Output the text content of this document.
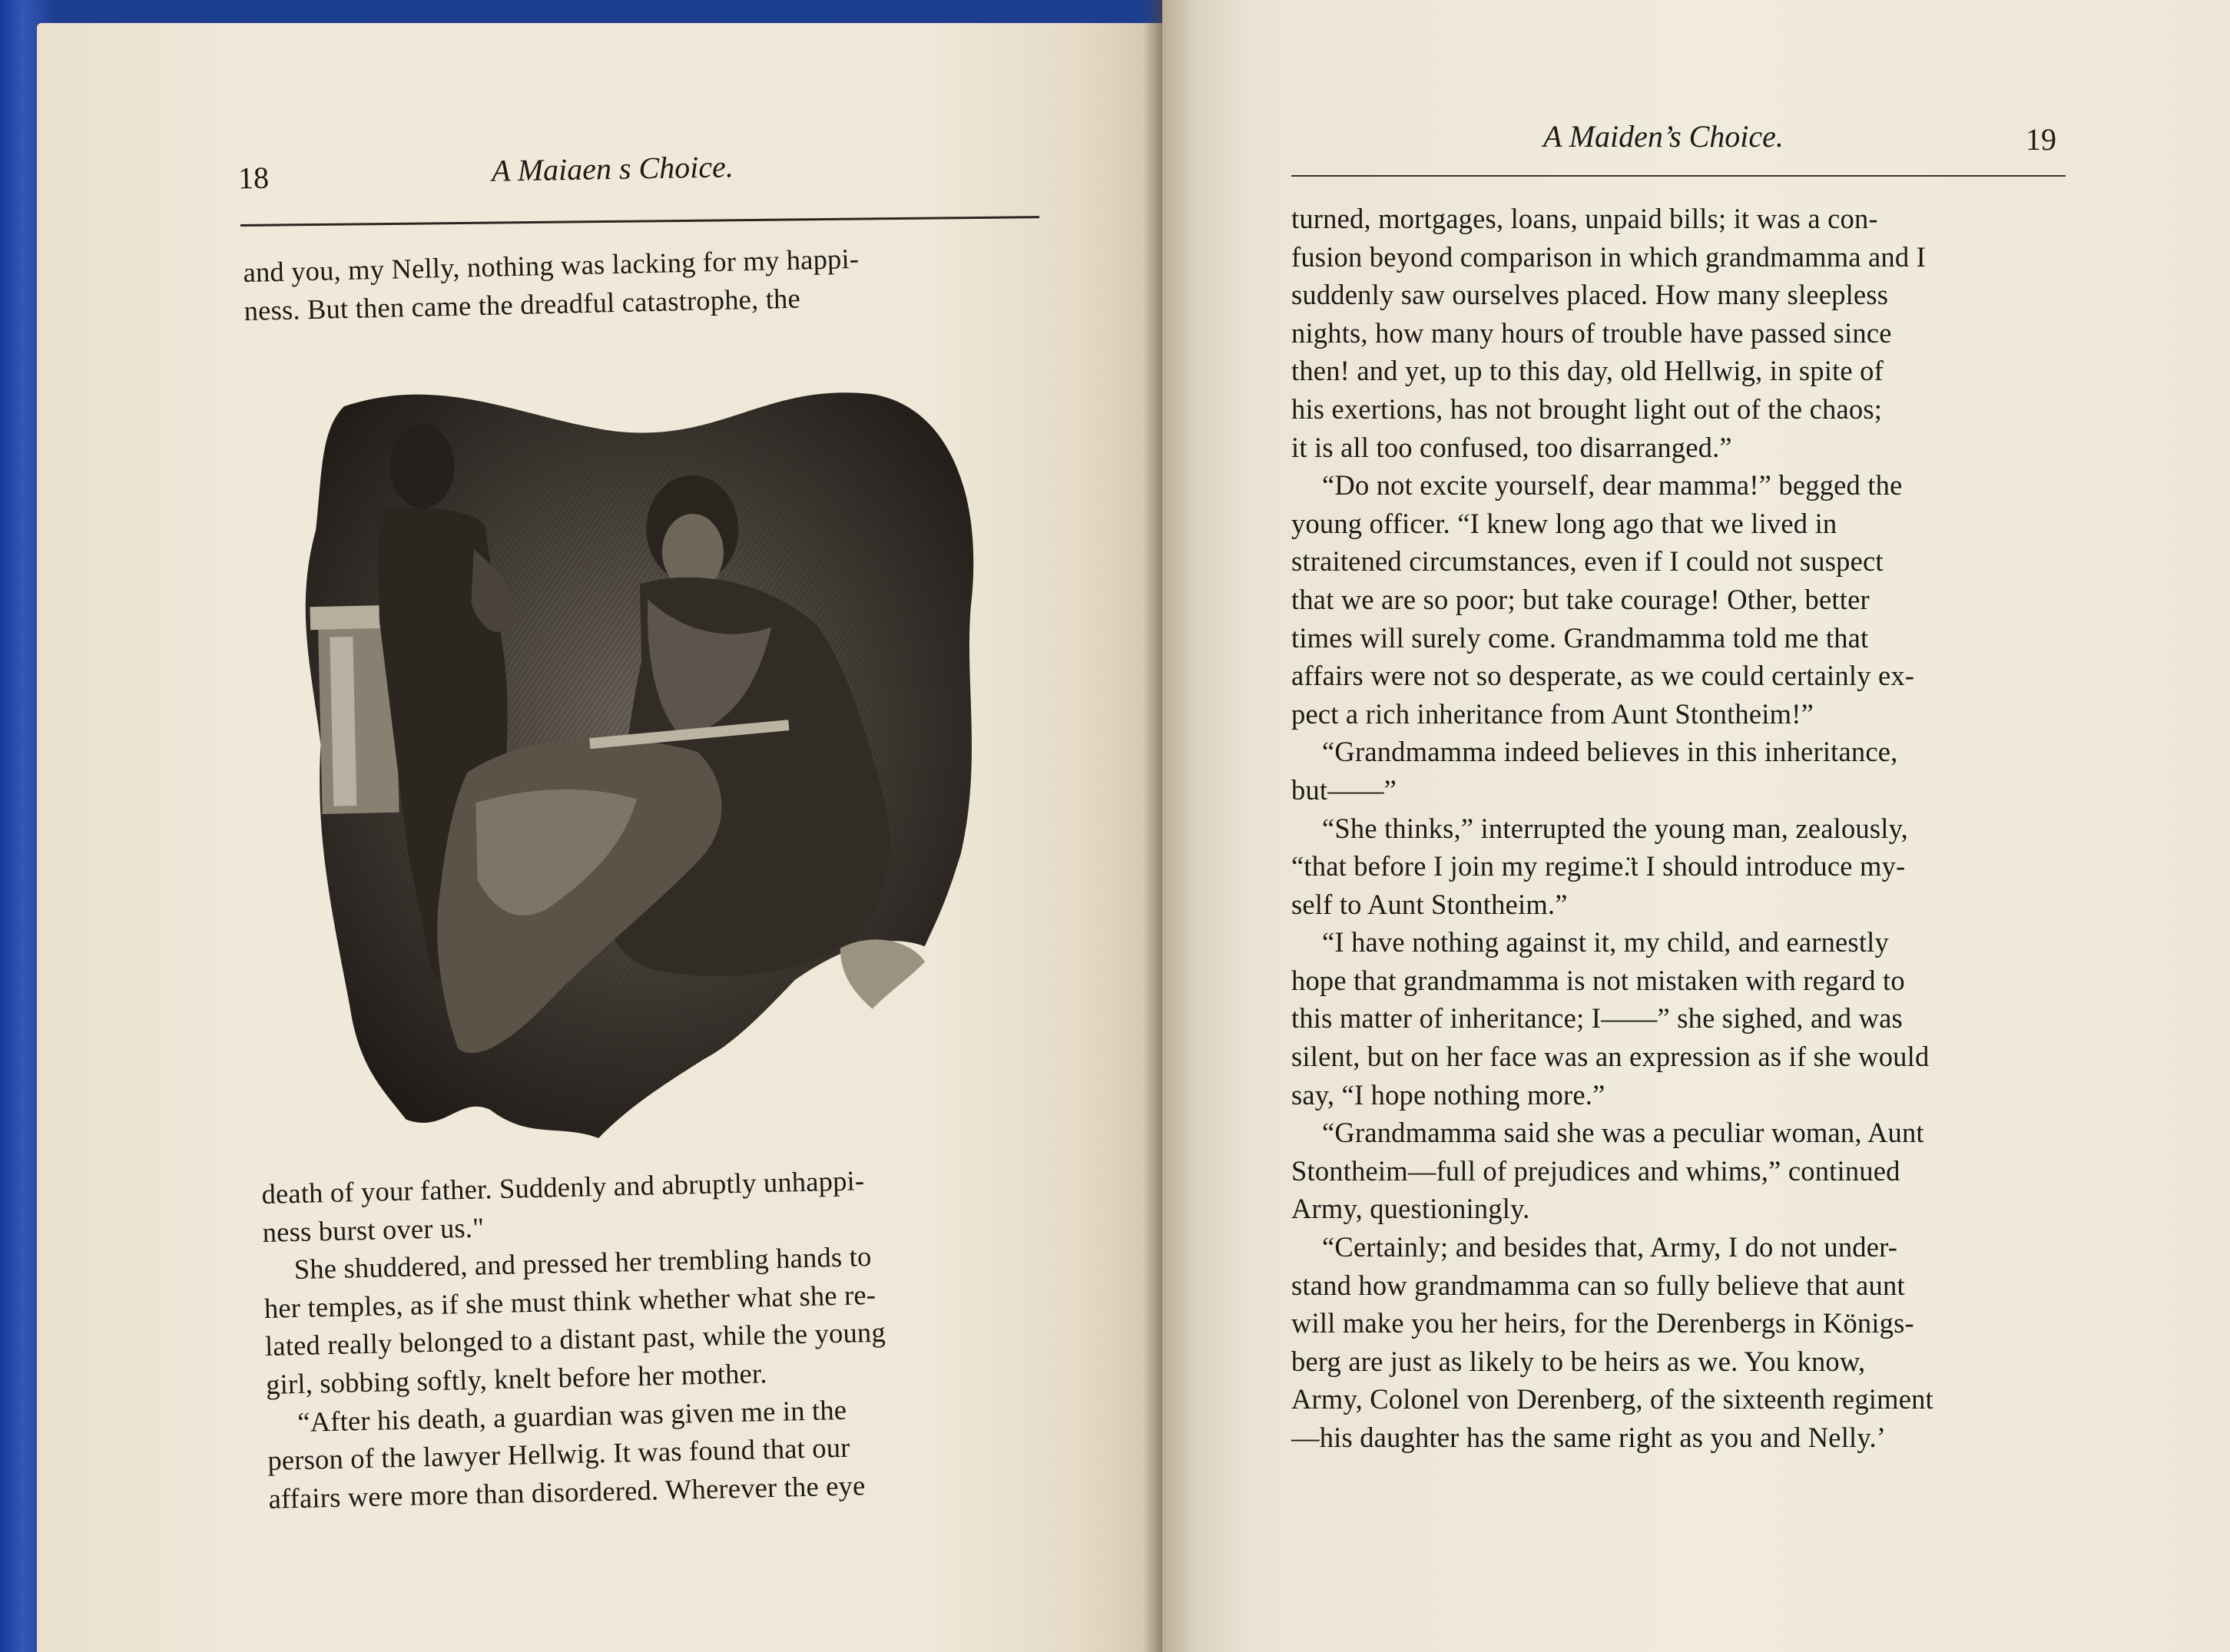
18	A Maiaen s Choice.

and you, my Nelly, nothing was lacking for my happi-

ness. But then came the dreadful catastrophe, the

death of your father. Suddenly and abruptly unhappi-

ness burst over us."

She shuddered, and pressed her trembling hands to

her temples, as if she must think whether what she re-

lated really belonged to a distant past, while the young

girl, sobbing softly, knelt before her mother.

“After his death, a guardian was given me in the

person of the lawyer Hellwig. It was found that our

affairs were more than disordered. Wherever the eye

A Maiden’s Choice.	19

turned, mortgages, loans, unpaid bills; it was a con-

fusion beyond comparison in which grandmamma and I

suddenly saw ourselves placed. How many sleepless

nights, how many hours of trouble have passed since

then! and yet, up to this day, old Hellwig, in spite of

his exertions, has not brought light out of the chaos;

it is all too confused, too disarranged.”

“Do not excite yourself, dear mamma!” begged the

young officer. “I knew long ago that we lived in

straitened circumstances, even if I could not suspect

that we are so poor; but take courage! Other, better

times will surely come. Grandmamma told me that

affairs were not so desperate, as we could certainly ex-

pect a rich inheritance from Aunt Stontheim!”

“Grandmamma indeed believes in this inheritance,

but——”

“She thinks,” interrupted the young man, zealously,

“that before I join my regime.̈t I should introduce my-

self to Aunt Stontheim.”

“I have nothing against it, my child, and earnestly

hope that grandmamma is not mistaken with regard to

this matter of inheritance; I——” she sighed, and was

silent, but on her face was an expression as if she would

say, “I hope nothing more.”

“Grandmamma said she was a peculiar woman, Aunt

Stontheim—full of prejudices and whims,” continued

Army, questioningly.

“Certainly; and besides that, Army, I do not under-

stand how grandmamma can so fully believe that aunt

will make you her heirs, for the Derenbergs in Königs-

berg are just as likely to be heirs as we. You know,

Army, Colonel von Derenberg, of the sixteenth regiment

—his daughter has the same right as you and Nelly.’
